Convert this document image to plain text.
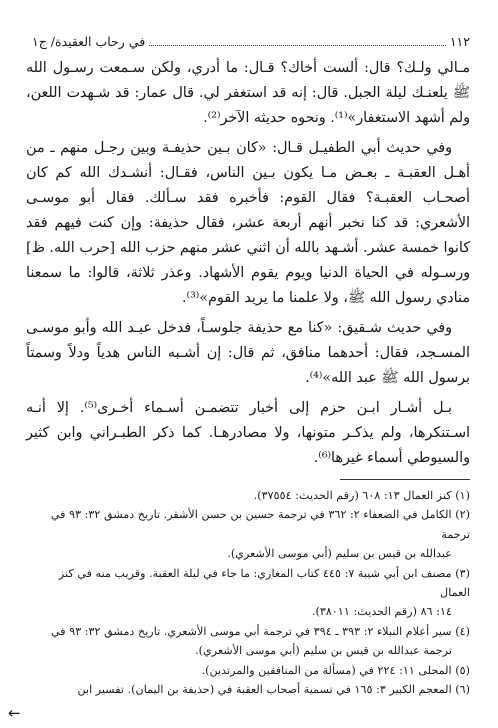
١١٢
في رحاب العقيدة/ ج١

مـالي ولـك؟ قال: ألست أخاك؟ قـال: ما أدري، ولكن سـمعت رسـول الله ﷺ يلعنـك ليلة الجبل. قال: إنه قد استغفر لي. قال عمار: قد شـهدت اللعن، ولم أشهد الاستغفار»⁽¹⁾. ونحوه حديثه الآخر⁽²⁾.

وفي حديث أبي الطفيـل قـال: «كان بـين حذيفـة وبين رجـل منهم ـ من أهـل العقبـة ـ بعـض مـا يكون بـين الناس، فقـال: أنشـدك الله كم كان أصحـاب العقبـة؟ فقال القوم: فأخبره فقد سـألك. فقال أبو موسـى الأشعري: قد كنا نخبر أنهم أربعة عشر، فقال حذيفة: وإن كنت فيهم فقد كانوا خمسة عشر. أشـهد بالله أن اثني عشر منهم حزب الله [حرب الله. ظ] ورسـوله في الحياة الدنيا ويوم يقوم الأشهاد. وعذر ثلاثة، قالوا: ما سمعنا منادي رسول الله ﷺ، ولا علمنا ما يريد القوم»⁽³⁾.

وفي حديث شـقيق: «كنا مع حذيفة جلوسـاً، فدخل عبـد الله وأبو موسـى المسـجد، فقال: أحدهما منافق، ثم قال: إن أشـبه الناس هدياً ودلاً وسمتاً برسول الله ﷺ عبد الله»⁽⁴⁾.

بـل أشـار ابـن حزم إلى أخبار تتضمـن أسـماء أخـرى⁽⁵⁾. إلا أنـه اسـتنكرها، ولم يذكـر متونها، ولا مصادرهـا. كما ذكر الطبـراني وابن كثير والسيوطي أسماء غيرها⁽⁶⁾.

(١) كنز العمال ١٣: ٦٠٨ (رقم الحديث: ٣٧٥٥٤).

(٢) الكامل في الضعفاء ٢: ٣٦٢ في ترجمة حسين بن حسن الأشقر. تاريخ دمشق ٣٢: ٩٣ في ترجمة
عبدالله بن قيس بن سليم (أبي موسى الأشعري).

(٣) مصنف ابن أبي شيبة ٧: ٤٤٥ كتاب المغازي: ما جاء في ليلة العقبة. وقريب منه في كنز العمال
١٤: ٨٦ (رقم الحديث: ٣٨٠١١).

(٤) سير أعلام النبلاء ٢: ٣٩٣ ـ ٣٩٤ في ترجمة أبي موسى الأشعري. تاريخ دمشق ٣٢: ٩٣ في
ترجمة عبدالله بن قيس بن سليم (أبي موسى الأشعري).

(٥) المحلى ١١: ٢٢٤ في (مسألة من المنافقين والمرتدين).

(٦) المعجم الكبير ٣: ١٦٥ في تسمية أصحاب العقبة في (حذيفة بن اليمان). تفسير ابن

←
